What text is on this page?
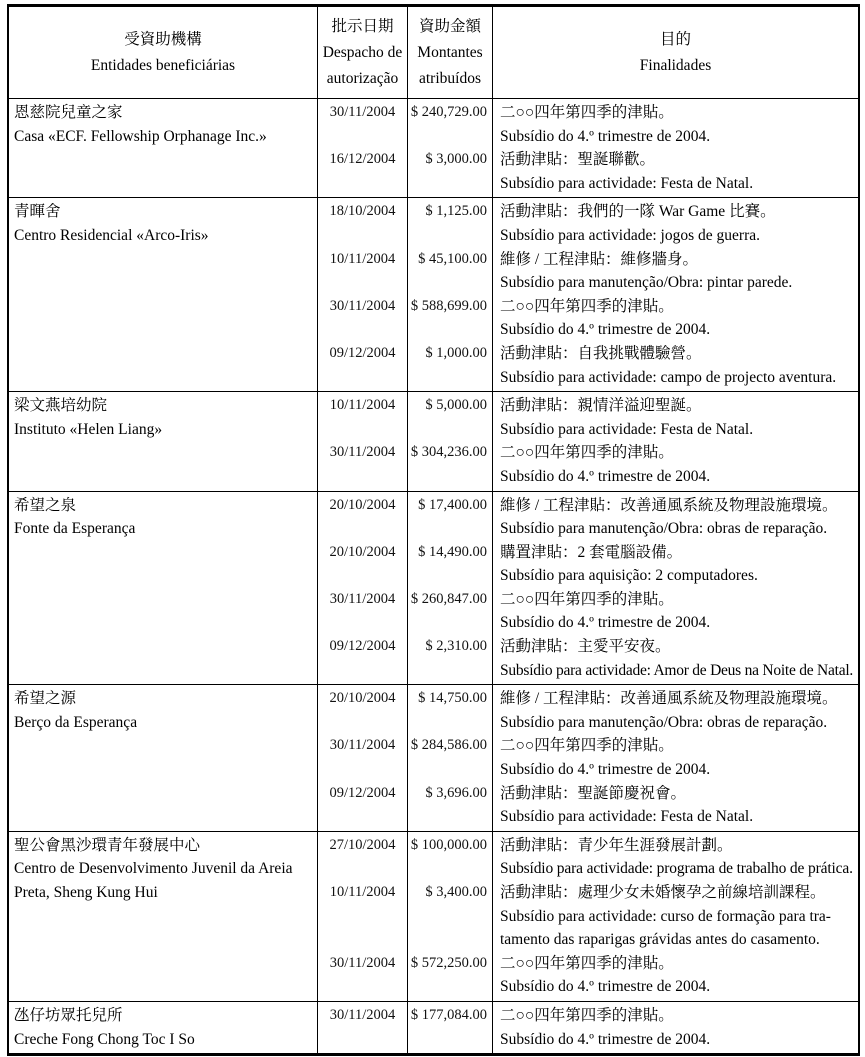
受資助機構
Entidades beneficiárias
批示日期
Despacho de
autorização
資助金額
Montantes
atribuídos
目的
Finalidades
恩慈院兒童之家
Casa «ECF. Fellowship Orphanage Inc.»
30/11/2004
16/12/2004
$ 240,729.00
$ 3,000.00
二○○四年第四季的津貼。
Subsídio do 4.º trimestre de 2004.
活動津貼：聖誕聯歡。
Subsídio para actividade: Festa de Natal.
青暉舍
Centro Residencial «Arco-Iris»
18/10/2004
10/11/2004
30/11/2004
09/12/2004
$ 1,125.00
$ 45,100.00
$ 588,699.00
$ 1,000.00
活動津貼：我們的一隊 War Game 比賽。
Subsídio para actividade: jogos de guerra.
維修 / 工程津貼：維修牆身。
Subsídio para manutenção/Obra: pintar parede.
二○○四年第四季的津貼。
Subsídio do 4.º trimestre de 2004.
活動津貼：自我挑戰體驗營。
Subsídio para actividade: campo de projecto aventura.
梁文燕培幼院
Instituto «Helen Liang»
10/11/2004
30/11/2004
$ 5,000.00
$ 304,236.00
活動津貼：親情洋溢迎聖誕。
Subsídio para actividade: Festa de Natal.
二○○四年第四季的津貼。
Subsídio do 4.º trimestre de 2004.
希望之泉
Fonte da Esperança
20/10/2004
20/10/2004
30/11/2004
09/12/2004
$ 17,400.00
$ 14,490.00
$ 260,847.00
$ 2,310.00
維修 / 工程津貼：改善通風系統及物理設施環境。
Subsídio para manutenção/Obra: obras de reparação.
購置津貼：2 套電腦設備。
Subsídio para aquisição: 2 computadores.
二○○四年第四季的津貼。
Subsídio do 4.º trimestre de 2004.
活動津貼：主愛平安夜。
Subsídio para actividade: Amor de Deus na Noite de Natal.
希望之源
Berço da Esperança
20/10/2004
30/11/2004
09/12/2004
$ 14,750.00
$ 284,586.00
$ 3,696.00
維修 / 工程津貼：改善通風系統及物理設施環境。
Subsídio para manutenção/Obra: obras de reparação.
二○○四年第四季的津貼。
Subsídio do 4.º trimestre de 2004.
活動津貼：聖誕節慶祝會。
Subsídio para actividade: Festa de Natal.
聖公會黑沙環青年發展中心
Centro de Desenvolvimento Juvenil da Areia
Preta, Sheng Kung Hui
27/10/2004
10/11/2004
30/11/2004
$ 100,000.00
$ 3,400.00
$ 572,250.00
活動津貼：青少年生涯發展計劃。
Subsídio para actividade: programa de trabalho de prática.
活動津貼：處理少女未婚懷孕之前線培訓課程。
Subsídio para actividade: curso de formação para tra-
tamento das raparigas grávidas antes do casamento.
二○○四年第四季的津貼。
Subsídio do 4.º trimestre de 2004.
氹仔坊眾托兒所
Creche Fong Chong Toc I So
30/11/2004	$ 177,084.00 二○○四年第四季的津貼。
Subsídio do 4.º trimestre de 2004.
